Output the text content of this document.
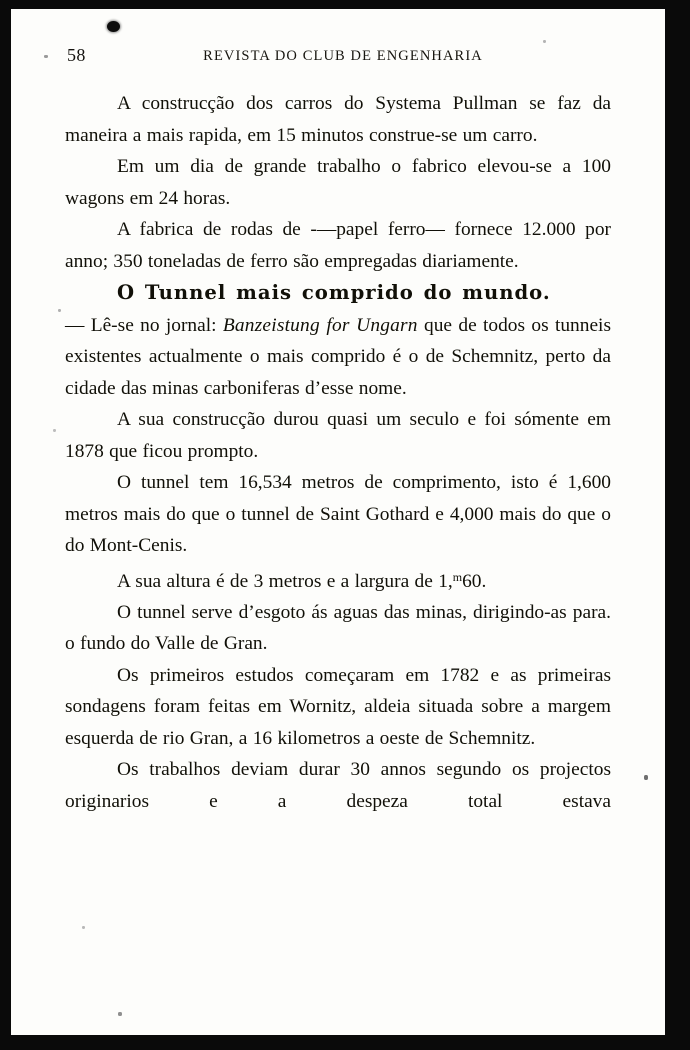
58	REVISTA DO CLUB DE ENGENHARIA

A construcção dos carros do Systema Pullman se faz da maneira a mais rapida, em 15 minutos construe-se um carro.

Em um dia de grande trabalho o fabrico elevou-se a 100 wagons em 24 horas.

A fabrica de rodas de -—papel ferro— fornece 12.000 por anno; 350 toneladas de ferro são empregadas diariamente.

O Tunnel mais comprido do mundo.

— Lê-se no jornal: Banzeistung for Ungarn que de todos os tunneis existentes actualmente o mais comprido é o de Schemnitz, perto da cidade das minas carboniferas d’esse nome.

A sua construcção durou quasi um seculo e foi sómente em 1878 que ficou prompto.

O tunnel tem 16,534 metros de comprimento, isto é 1,600 metros mais do que o tunnel de Saint Gothard e 4,000 mais do que o do Mont-Cenis.

A sua altura é de 3 metros e a largura de 1,$^m$60.

O tunnel serve d’esgoto ás aguas das minas, dirigindo-as para. o fundo do Valle de Gran.

Os primeiros estudos começaram em 1782 e as primeiras sondagens foram feitas em Wornitz, aldeia situada sobre a margem esquerda de rio Gran, a 16 kilometros a oeste de Schemnitz.

Os trabalhos deviam durar 30 annos segundo os projectos originarios e a despeza total estava
